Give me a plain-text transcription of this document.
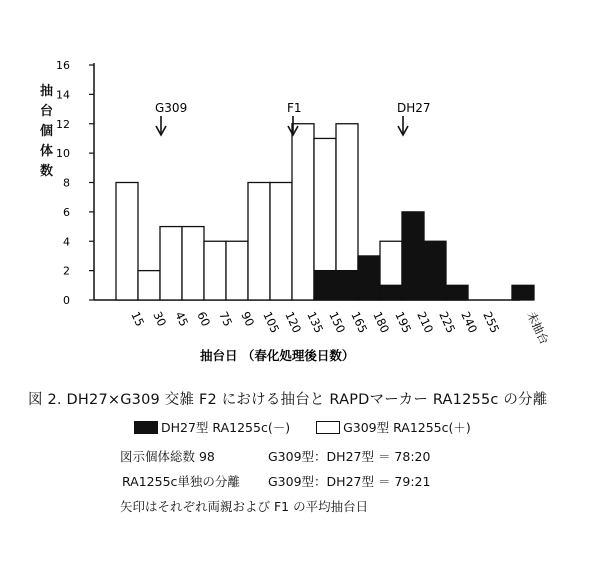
0
2
4
6
8
10
12
14
16
15 30 45 60 75 90 105 120 135 150 165 180 195 210 225 240 255 未抽台
G309	F1	DH27
抽台日 （春化処理後日数）
抽
台
個
体
数
図 2. DH27×G309 交雑 F2 における抽台と RAPDマーカー RA1255c の分離
DH27型 RA1255c(－)	G309型 RA1255c(＋)
図示個体総数 98	G309型：DH27型 ＝ 78:20
RA1255c単独の分離 G309型：DH27型 ＝ 79:21
矢印はそれぞれ両親および F1 の平均抽台日
